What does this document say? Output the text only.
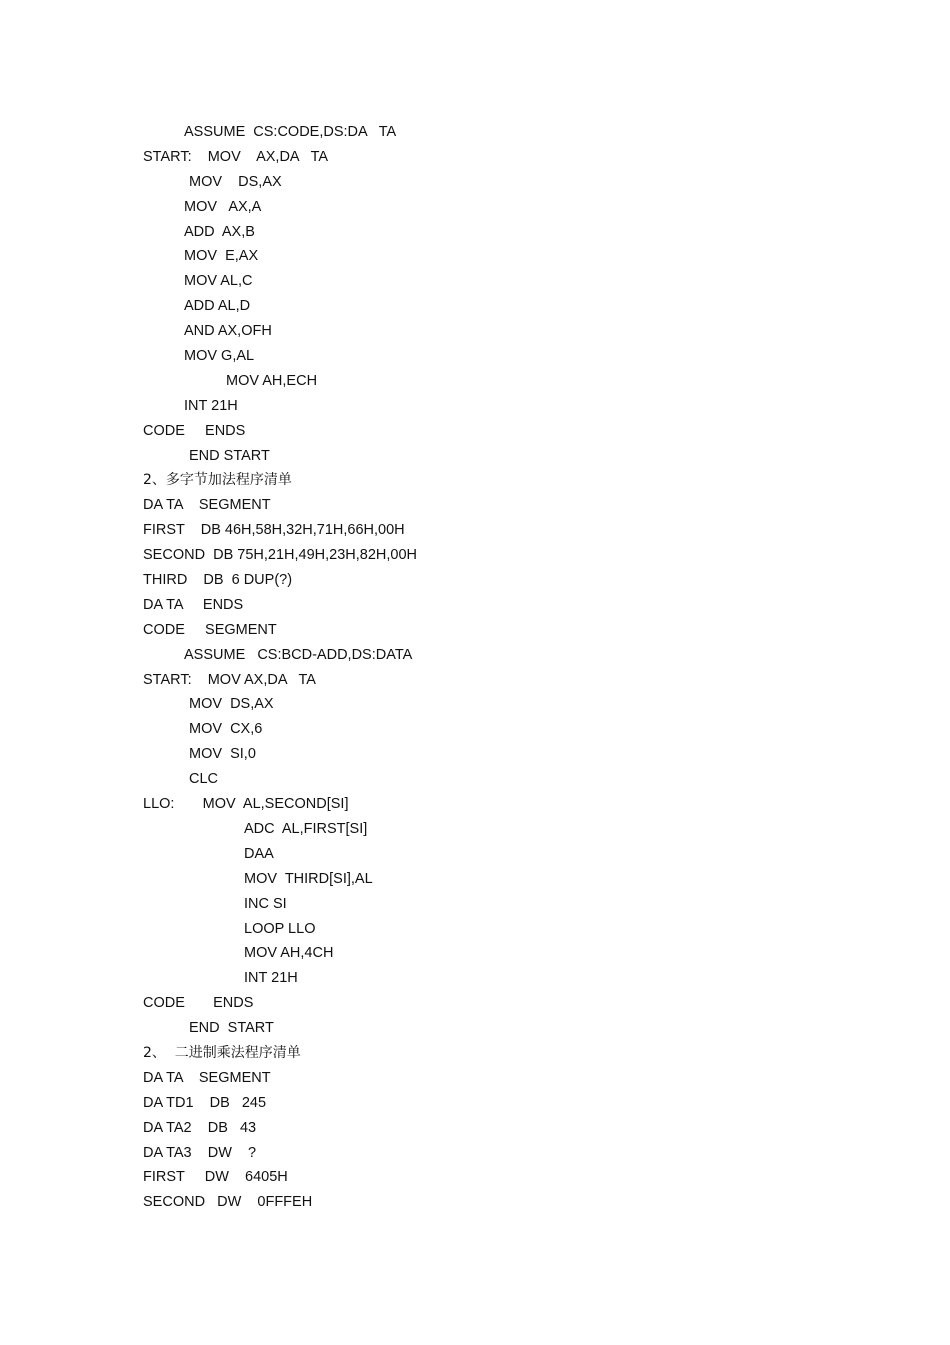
ASSUME  CS:CODE,DS:DA   TA
START:    MOV    AX,DA   TA
MOV    DS,AX
MOV   AX,A
ADD  AX,B
MOV  E,AX
MOV AL,C
ADD AL,D
AND AX,OFH
MOV G,AL
MOV AH,ECH
INT 21H
CODE     ENDS
END START
2、多字节加法程序清单
DA TA    SEGMENT
FIRST    DB 46H,58H,32H,71H,66H,00H
SECOND  DB 75H,21H,49H,23H,82H,00H
THIRD    DB  6 DUP(?)
DA TA     ENDS
CODE     SEGMENT
ASSUME   CS:BCD-ADD,DS:DATA
START:    MOV AX,DA   TA
MOV  DS,AX
MOV  CX,6
MOV  SI,0
CLC
LLO:       MOV  AL,SECOND[SI]
ADC  AL,FIRST[SI]
DAA
MOV  THIRD[SI],AL
INC SI
LOOP LLO
MOV AH,4CH
INT 21H
CODE       ENDS
END  START
2、  二进制乘法程序清单
DA TA    SEGMENT
DA TD1    DB   245
DA TA2    DB   43
DA TA3    DW    ?
FIRST     DW    6405H
SECOND   DW    0FFFEH
